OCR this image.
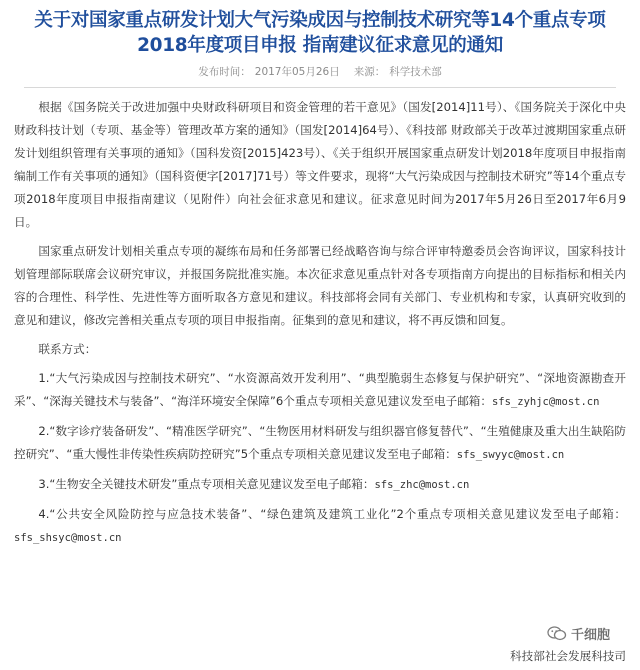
关于对国家重点研发计划大气污染成因与控制技术研究等14个重点专项
2018年度项目申报 指南建议征求意见的通知
发布时间： 2017年05月26日 来源： 科学技术部

根据《国务院关于改进加强中央财政科研项目和资金管理的若干意见》（国发[2014]11号）、《国务院关于深化中央财政科技计划（专项、基金等）管理改革方案的通知》（国发[2014]64号）、《科技部 财政部关于改革过渡期国家重点研发计划组织管理有关事项的通知》（国科发资[2015]423号）、《关于组织开展国家重点研发计划2018年度项目申报指南编制工作有关事项的通知》（国科资便字[2017]71号）等文件要求，现将“大气污染成因与控制技术研究”等14个重点专项2018年度项目申报指南建议（见附件）向社会征求意见和建议。征求意见时间为2017年5月26日至2017年6月9日。

国家重点研发计划相关重点专项的凝练布局和任务部署已经战略咨询与综合评审特邀委员会咨询评议，国家科技计划管理部际联席会议研究审议，并报国务院批准实施。本次征求意见重点针对各专项指南方向提出的目标指标和相关内容的合理性、科学性、先进性等方面听取各方意见和建议。科技部将会同有关部门、专业机构和专家，认真研究收到的意见和建议，修改完善相关重点专项的项目申报指南。征集到的意见和建议，将不再反馈和回复。

联系方式：

1.“大气污染成因与控制技术研究”、“水资源高效开发利用”、“典型脆弱生态修复与保护研究”、“深地资源勘查开采”、“深海关键技术与装备”、“海洋环境安全保障”6个重点专项相关意见建议发至电子邮箱：sfs_zyhjc@most.cn

2.“数字诊疗装备研发”、“精准医学研究”、“生物医用材料研发与组织器官修复替代”、“生殖健康及重大出生缺陷防控研究”、“重大慢性非传染性疾病防控研究”5个重点专项相关意见建议发至电子邮箱：sfs_swyyc@most.cn

3.“生物安全关键技术研发”重点专项相关意见建议发至电子邮箱：sfs_zhc@most.cn

4.“公共安全风险防控与应急技术装备”、“绿色建筑及建筑工业化”2个重点专项相关意见建议发至电子邮箱：sfs_shsyc@most.cn

千细胞
科技部社会发展科技司
